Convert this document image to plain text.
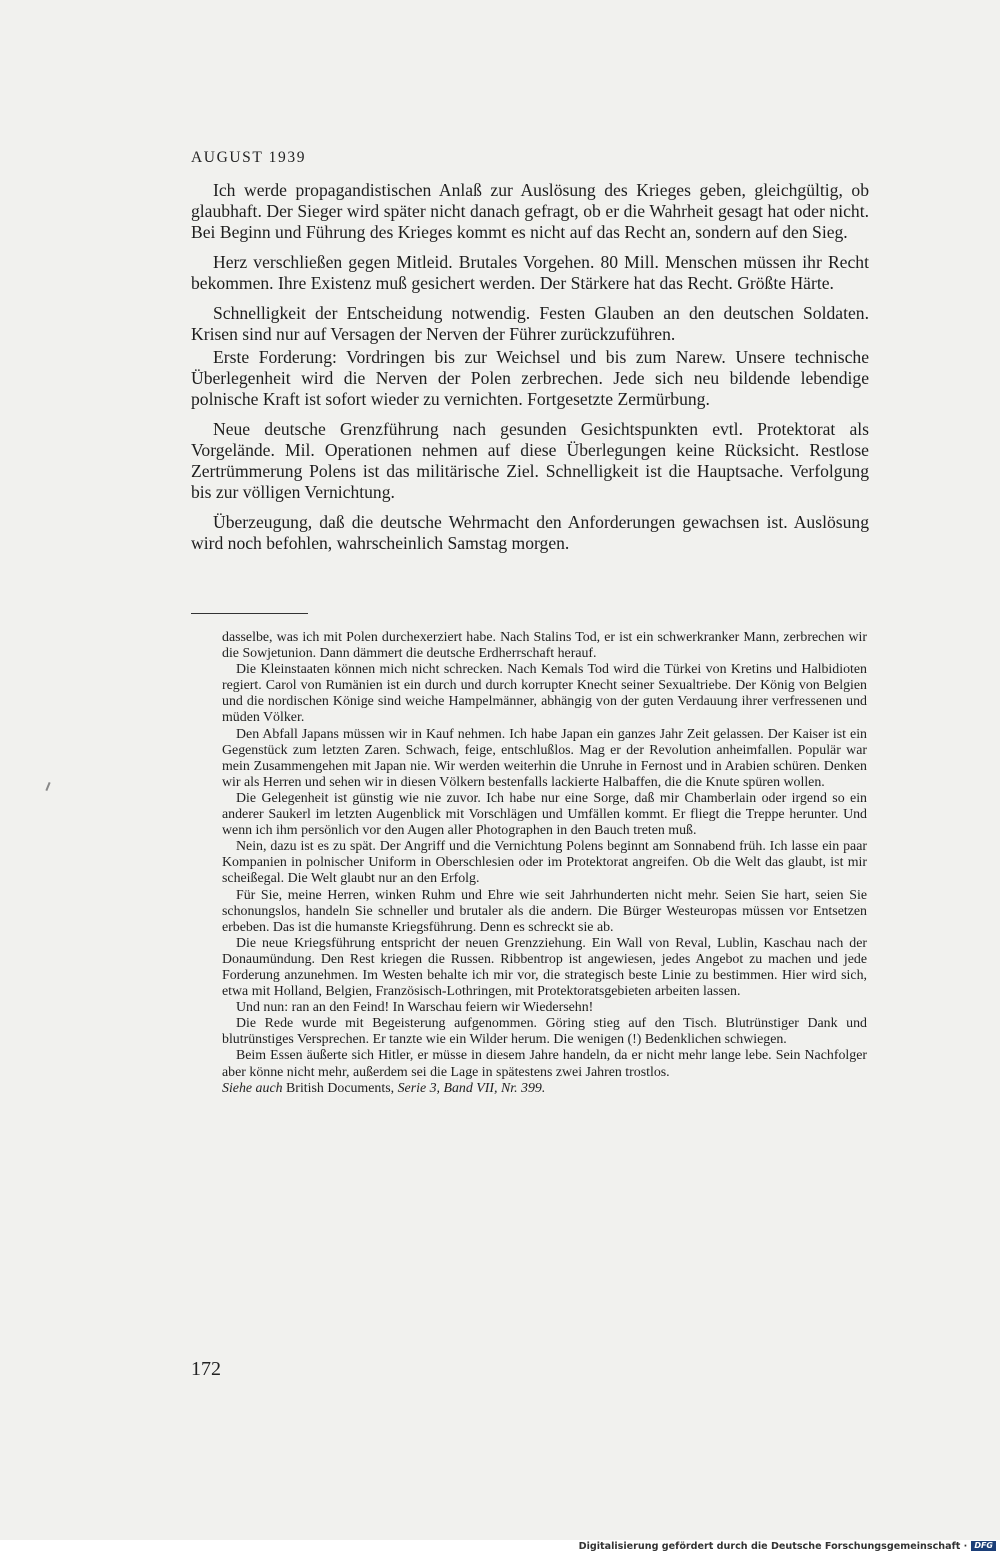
AUGUST 1939

Ich werde propagandistischen Anlaß zur Auslösung des Krieges geben, gleichgültig, ob glaubhaft. Der Sieger wird später nicht danach gefragt, ob er die Wahrheit gesagt hat oder nicht. Bei Beginn und Führung des Krieges kommt es nicht auf das Recht an, sondern auf den Sieg.

Herz verschließen gegen Mitleid. Brutales Vorgehen. 80 Mill. Menschen müssen ihr Recht bekommen. Ihre Existenz muß gesichert werden. Der Stärkere hat das Recht. Größte Härte.

Schnelligkeit der Entscheidung notwendig. Festen Glauben an den deutschen Soldaten. Krisen sind nur auf Versagen der Nerven der Führer zurückzuführen.

Erste Forderung: Vordringen bis zur Weichsel und bis zum Narew. Unsere technische Überlegenheit wird die Nerven der Polen zerbrechen. Jede sich neu bildende lebendige polnische Kraft ist sofort wieder zu vernichten. Fortgesetzte Zermürbung.

Neue deutsche Grenzführung nach gesunden Gesichtspunkten evtl. Protektorat als Vorgelände. Mil. Operationen nehmen auf diese Überlegungen keine Rücksicht. Restlose Zertrümmerung Polens ist das militärische Ziel. Schnelligkeit ist die Hauptsache. Verfolgung bis zur völligen Vernichtung.

Überzeugung, daß die deutsche Wehrmacht den Anforderungen gewachsen ist. Auslösung wird noch befohlen, wahrscheinlich Samstag morgen.

dasselbe, was ich mit Polen durchexerziert habe. Nach Stalins Tod, er ist ein schwerkranker Mann, zerbrechen wir die Sowjetunion. Dann dämmert die deutsche Erdherrschaft herauf.

Die Kleinstaaten können mich nicht schrecken. Nach Kemals Tod wird die Türkei von Kretins und Halbidioten regiert. Carol von Rumänien ist ein durch und durch korrupter Knecht seiner Sexualtriebe. Der König von Belgien und die nordischen Könige sind weiche Hampelmänner, abhängig von der guten Verdauung ihrer verfressenen und müden Völker.

Den Abfall Japans müssen wir in Kauf nehmen. Ich habe Japan ein ganzes Jahr Zeit gelassen. Der Kaiser ist ein Gegenstück zum letzten Zaren. Schwach, feige, entschlußlos. Mag er der Revolution anheimfallen. Populär war mein Zusammengehen mit Japan nie. Wir werden weiterhin die Unruhe in Fernost und in Arabien schüren. Denken wir als Herren und sehen wir in diesen Völkern bestenfalls lackierte Halbaffen, die die Knute spüren wollen.

Die Gelegenheit ist günstig wie nie zuvor. Ich habe nur eine Sorge, daß mir Chamberlain oder irgend so ein anderer Saukerl im letzten Augenblick mit Vorschlägen und Umfällen kommt. Er fliegt die Treppe herunter. Und wenn ich ihm persönlich vor den Augen aller Photographen in den Bauch treten muß.

Nein, dazu ist es zu spät. Der Angriff und die Vernichtung Polens beginnt am Sonnabend früh. Ich lasse ein paar Kompanien in polnischer Uniform in Oberschlesien oder im Protektorat angreifen. Ob die Welt das glaubt, ist mir scheißegal. Die Welt glaubt nur an den Erfolg.

Für Sie, meine Herren, winken Ruhm und Ehre wie seit Jahrhunderten nicht mehr. Seien Sie hart, seien Sie schonungslos, handeln Sie schneller und brutaler als die andern. Die Bürger Westeuropas müssen vor Entsetzen erbeben. Das ist die humanste Kriegsführung. Denn es schreckt sie ab.

Die neue Kriegsführung entspricht der neuen Grenzziehung. Ein Wall von Reval, Lublin, Kaschau nach der Donaumündung. Den Rest kriegen die Russen. Ribbentrop ist angewiesen, jedes Angebot zu machen und jede Forderung anzunehmen. Im Westen behalte ich mir vor, die strategisch beste Linie zu bestimmen. Hier wird sich, etwa mit Holland, Belgien, Französisch-Lothringen, mit Protektoratsgebieten arbeiten lassen.

Und nun: ran an den Feind! In Warschau feiern wir Wiedersehn!

Die Rede wurde mit Begeisterung aufgenommen. Göring stieg auf den Tisch. Blutrünstiger Dank und blutrünstiges Versprechen. Er tanzte wie ein Wilder herum. Die wenigen (!) Bedenklichen schwiegen.

Beim Essen äußerte sich Hitler, er müsse in diesem Jahre handeln, da er nicht mehr lange lebe. Sein Nachfolger aber könne nicht mehr, außerdem sei die Lage in spätestens zwei Jahren trostlos.

Siehe auch British Documents, Serie 3, Band VII, Nr. 399.

172
Digitalisierung gefördert durch die Deutsche Forschungsgemeinschaft · DFG
